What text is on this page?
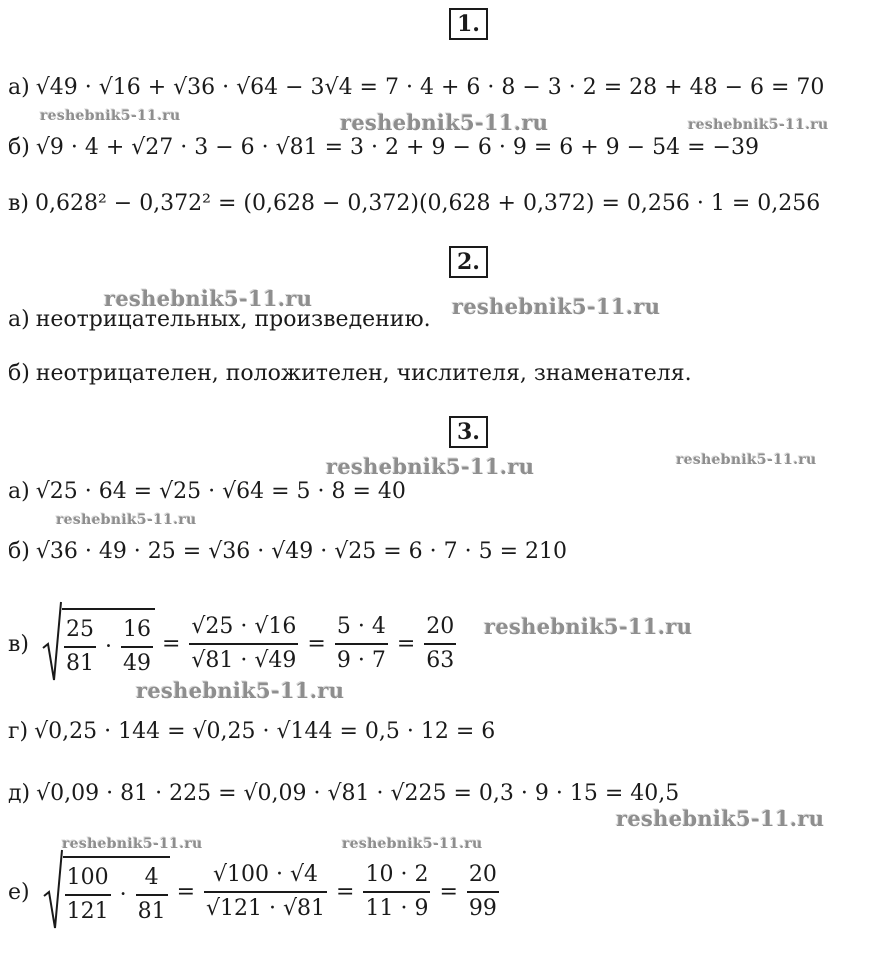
1.
а) √49 · √16 + √36 · √64 − 3√4 = 7 · 4 + 6 · 8 − 3 · 2 = 28 + 48 − 6 = 70
б) √9 · 4 + √27 · 3 − 6 · √81 = 3 · 2 + 9 − 6 · 9 = 6 + 9 − 54 = −39
в) 0,628² − 0,372² = (0,628 − 0,372)(0,628 + 0,372) = 0,256 · 1 = 0,256
2.
а) неотрицательных, произведению.
б) неотрицателен, положителен, числителя, знаменателя.
3.
а) √25 · 64 = √25 · √64 = 5 · 8 = 40
б) √36 · 49 · 25 = √36 · √49 · √25 = 6 · 7 · 5 = 210
$в) \frac{25}{81} \cdot \frac{16}{49} = \frac{√25 \cdot √16}{√81 \cdot √49} = \frac{5 \cdot 4}{9 \cdot 7} = \frac{20}{63}$
г) √0,25 · 144 = √0,25 · √144 = 0,5 · 12 = 6
д) √0,09 · 81 · 225 = √0,09 · √81 · √225 = 0,3 · 9 · 15 = 40,5
$е) \frac{100}{121} \cdot \frac{4}{81} = \frac{√100 \cdot √4}{√121 \cdot √81} = \frac{10 \cdot 2}{11 \cdot 9} = \frac{20}{99}$
reshebnik5-11.ru	reshebnik5-11.ru	reshebnik5-11.ru
reshebnik5-11.ru	reshebnik5-11.ru
reshebnik5-11.ru	reshebnik5-11.ru
reshebnik5-11.ru
reshebnik5-11.ru
reshebnik5-11.ru
reshebnik5-11.ru
reshebnik5-11.ru	reshebnik5-11.ru
